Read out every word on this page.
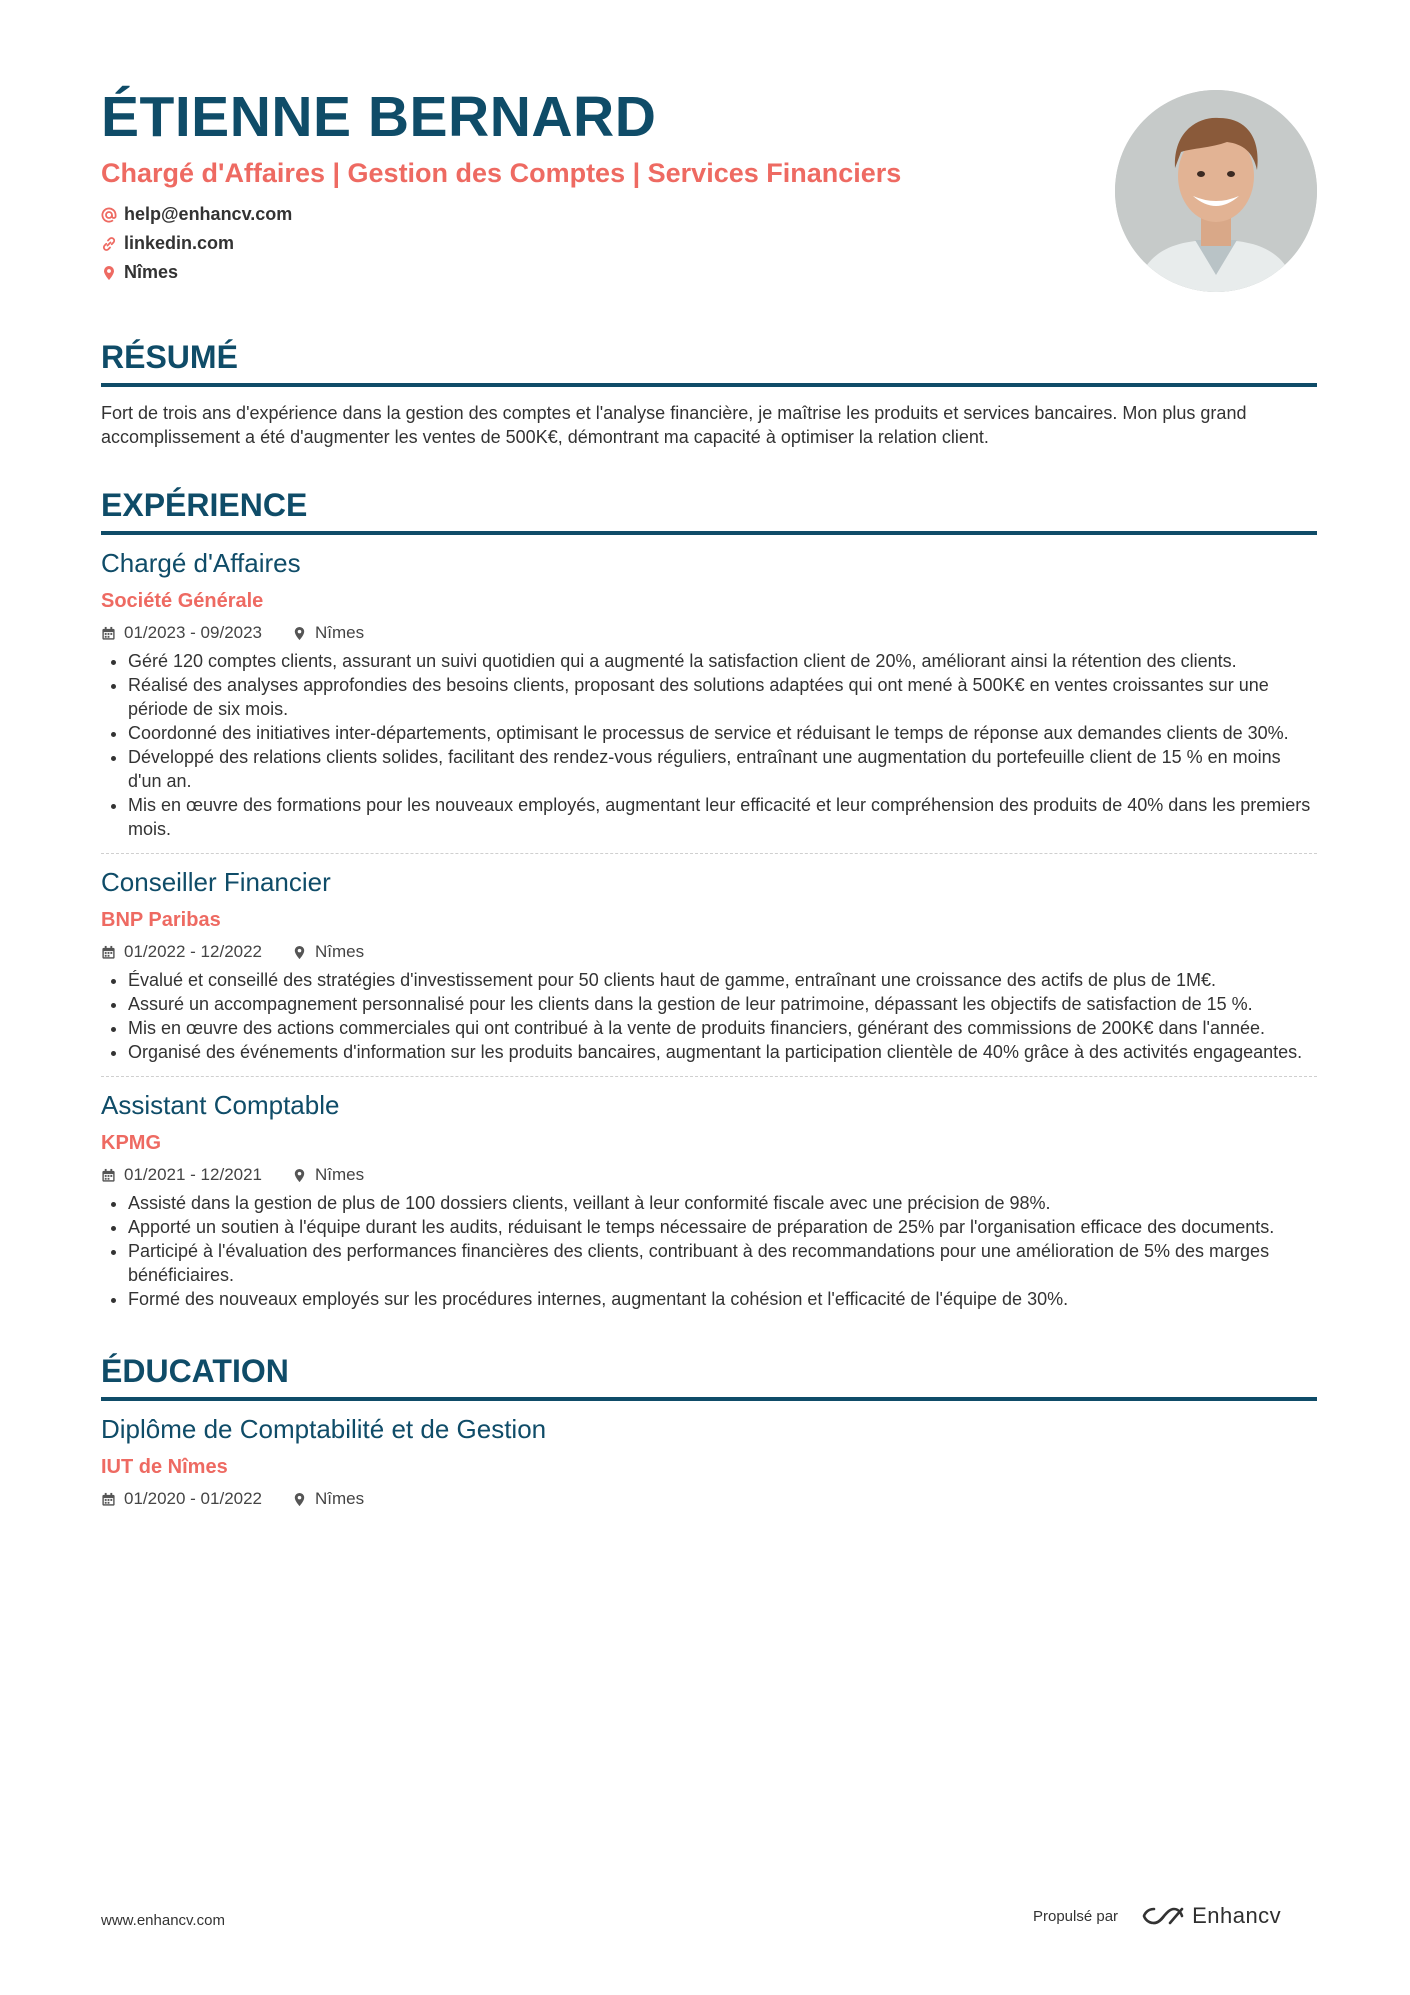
ÉTIENNE BERNARD
Chargé d'Affaires | Gestion des Comptes | Services Financiers
help@enhancv.com
linkedin.com
Nîmes
RÉSUMÉ
Fort de trois ans d'expérience dans la gestion des comptes et l'analyse financière, je maîtrise les produits et services bancaires. Mon plus grand accomplissement a été d'augmenter les ventes de 500K€, démontrant ma capacité à optimiser la relation client.
EXPÉRIENCE
Chargé d'Affaires
Société Générale
01/2023 - 09/2023	Nîmes
• Géré 120 comptes clients, assurant un suivi quotidien qui a augmenté la satisfaction client de 20%, améliorant ainsi la rétention des clients.
• Réalisé des analyses approfondies des besoins clients, proposant des solutions adaptées qui ont mené à 500K€ en ventes croissantes sur une période de six mois.
• Coordonné des initiatives inter-départements, optimisant le processus de service et réduisant le temps de réponse aux demandes clients de 30%.
• Développé des relations clients solides, facilitant des rendez-vous réguliers, entraînant une augmentation du portefeuille client de 15 % en moins d'un an.
• Mis en œuvre des formations pour les nouveaux employés, augmentant leur efficacité et leur compréhension des produits de 40% dans les premiers mois.
Conseiller Financier
BNP Paribas
01/2022 - 12/2022	Nîmes
• Évalué et conseillé des stratégies d'investissement pour 50 clients haut de gamme, entraînant une croissance des actifs de plus de 1M€.
• Assuré un accompagnement personnalisé pour les clients dans la gestion de leur patrimoine, dépassant les objectifs de satisfaction de 15 %.
• Mis en œuvre des actions commerciales qui ont contribué à la vente de produits financiers, générant des commissions de 200K€ dans l'année.
• Organisé des événements d'information sur les produits bancaires, augmentant la participation clientèle de 40% grâce à des activités engageantes.
Assistant Comptable
KPMG
01/2021 - 12/2021	Nîmes
• Assisté dans la gestion de plus de 100 dossiers clients, veillant à leur conformité fiscale avec une précision de 98%.
• Apporté un soutien à l'équipe durant les audits, réduisant le temps nécessaire de préparation de 25% par l'organisation efficace des documents.
• Participé à l'évaluation des performances financières des clients, contribuant à des recommandations pour une amélioration de 5% des marges bénéficiaires.
• Formé des nouveaux employés sur les procédures internes, augmentant la cohésion et l'efficacité de l'équipe de 30%.
ÉDUCATION
Diplôme de Comptabilité et de Gestion
IUT de Nîmes
01/2020 - 01/2022	Nîmes
www.enhancv.com	Propulsé par	Enhancv
